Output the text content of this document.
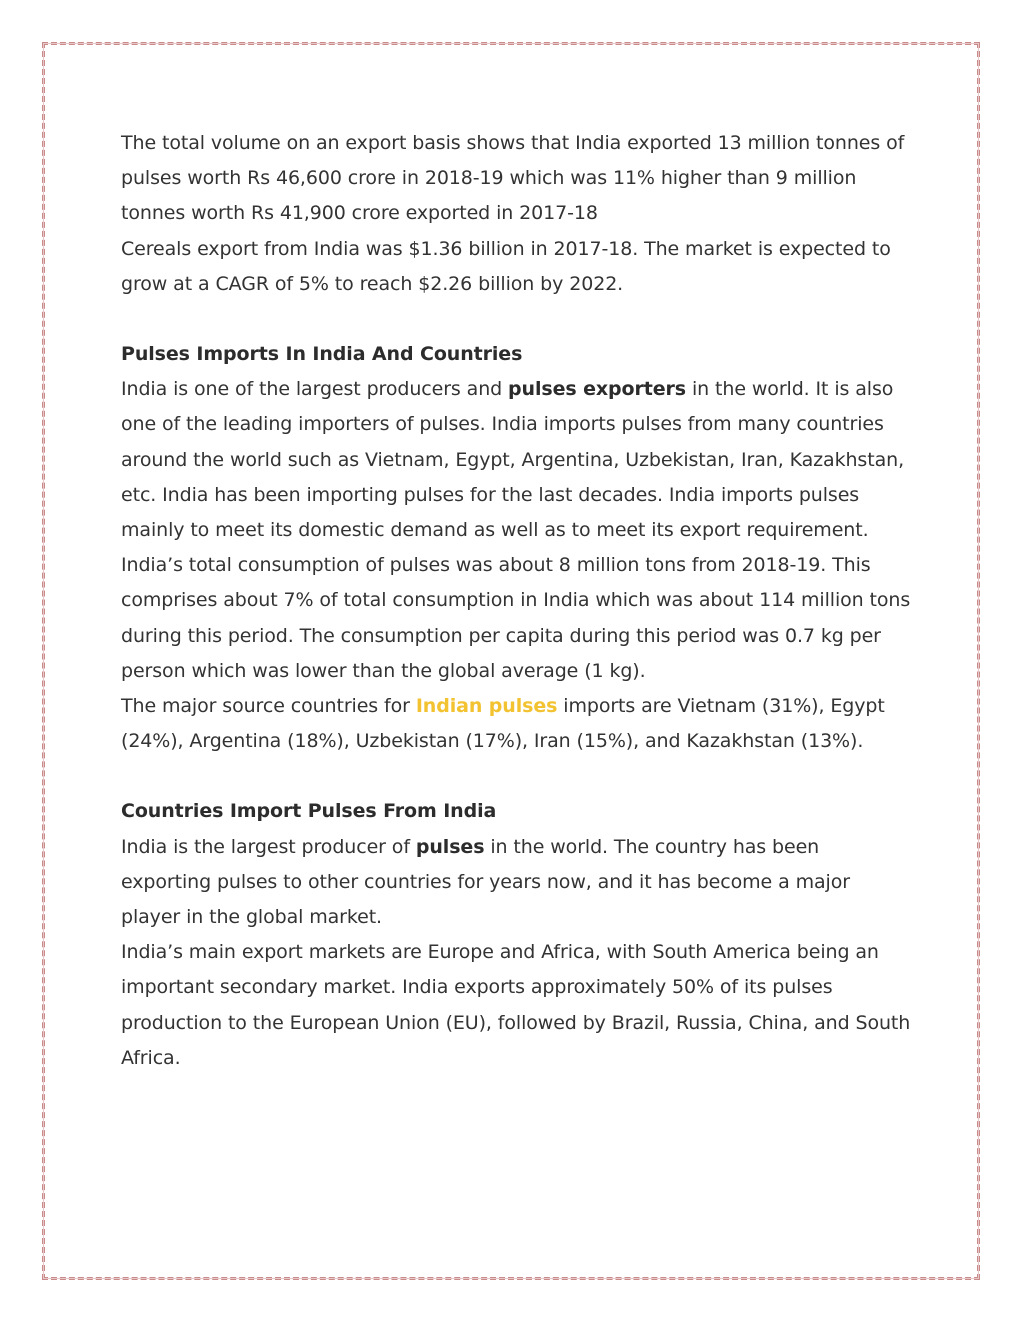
The total volume on an export basis shows that India exported 13 million tonnes of pulses worth Rs 46,600 crore in 2018-19 which was 11% higher than 9 million tonnes worth Rs 41,900 crore exported in 2017-18

Cereals export from India was $1.36 billion in 2017-18. The market is expected to grow at a CAGR of 5% to reach $2.26 billion by 2022.

Pulses Imports In India And Countries

India is one of the largest producers and pulses exporters in the world. It is also one of the leading importers of pulses. India imports pulses from many countries around the world such as Vietnam, Egypt, Argentina, Uzbekistan, Iran, Kazakhstan, etc. India has been importing pulses for the last decades. India imports pulses mainly to meet its domestic demand as well as to meet its export requirement.

India’s total consumption of pulses was about 8 million tons from 2018-19. This comprises about 7% of total consumption in India which was about 114 million tons during this period. The consumption per capita during this period was 0.7 kg per person which was lower than the global average (1 kg).

The major source countries for Indian pulses imports are Vietnam (31%), Egypt (24%), Argentina (18%), Uzbekistan (17%), Iran (15%), and Kazakhstan (13%).

Countries Import Pulses From India

India is the largest producer of pulses in the world. The country has been exporting pulses to other countries for years now, and it has become a major player in the global market.

India’s main export markets are Europe and Africa, with South America being an important secondary market. India exports approximately 50% of its pulses production to the European Union (EU), followed by Brazil, Russia, China, and South Africa.
